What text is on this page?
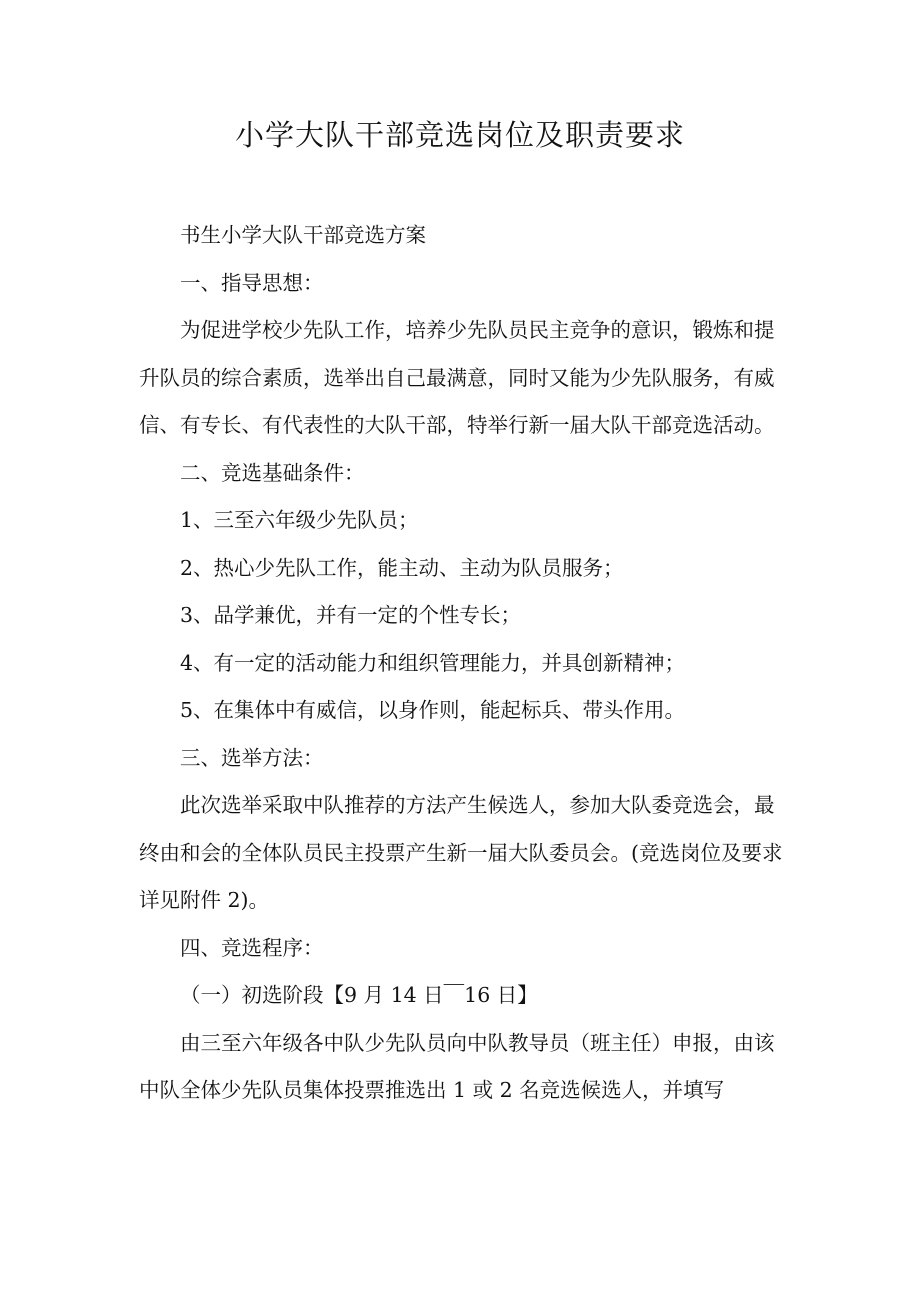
小学大队干部竞选岗位及职责要求

书生小学大队干部竞选方案

一、指导思想：

为促进学校少先队工作，培养少先队员民主竞争的意识，锻炼和提升队员的综合素质，选举出自己最满意，同时又能为少先队服务，有威信、有专长、有代表性的大队干部，特举行新一届大队干部竞选活动。

二、竞选基础条件：

1、三至六年级少先队员；

2、热心少先队工作，能主动、主动为队员服务；

3、品学兼优，并有一定的个性专长；

4、有一定的活动能力和组织管理能力，并具创新精神；

5、在集体中有威信，以身作则，能起标兵、带头作用。

三、选举方法：

此次选举采取中队推荐的方法产生候选人，参加大队委竞选会，最终由和会的全体队员民主投票产生新一届大队委员会。(竞选岗位及要求详见附件 2)。

四、竞选程序：

（一）初选阶段【9 月 14 日￣16 日】

由三至六年级各中队少先队员向中队教导员（班主任）申报，由该中队全体少先队员集体投票推选出 1 或 2 名竞选候选人，并填写
